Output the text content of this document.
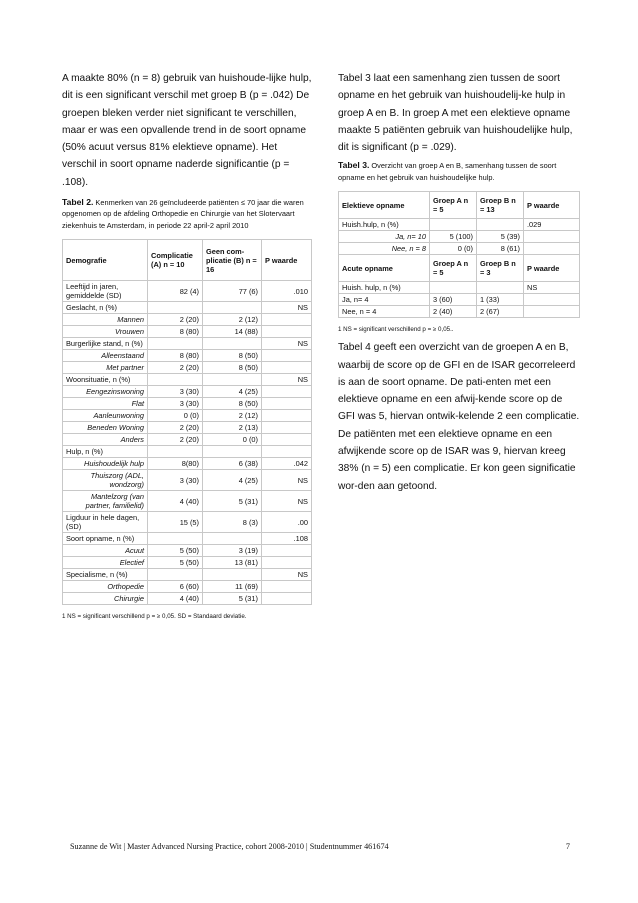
A maakte 80% (n = 8) gebruik van huishoude-lijke hulp, dit is een significant verschil met groep B (p = .042) De groepen bleken verder niet significant te verschillen, maar er was een opvallende trend in de soort opname (50% acuut versus 81% elektieve opname). Het verschil in soort opname naderde significantie (p = .108).

Tabel 2. Kenmerken van 26 geïncludeerde patiënten ≤ 70 jaar die waren opgenomen op de afdeling Orthopedie en Chirurgie van het Slotervaart ziekenhuis te Amsterdam, in periode 22 april-2 april 2010

Demografie	Complicatie (A) n = 10	Geen com-plicatie (B) n = 16	P waarde
Leeftijd in jaren, gemiddelde (SD)	82 (4)	77 (6)	.010
Geslacht, n (%)			NS
Mannen	2 (20)	2 (12)	
Vrouwen	8 (80)	14 (88)	
Burgerlijke stand, n (%)			NS
Alleenstaand	8 (80)	8 (50)	
Met partner	2 (20)	8 (50)	
Woonsituatie, n (%)			NS
Eengezinswoning	3 (30)	4 (25)	
Flat	3 (30)	8 (50)	
Aanleunwoning	0 (0)	2 (12)	
Beneden Woning	2 (20)	2 (13)	
Anders	2 (20)	0 (0)	
Hulp, n (%)			
Huishoudelijk hulp	8(80)	6 (38)	.042
Thuiszorg (ADL, wondzorg)	3 (30)	4 (25)	NS
Mantelzorg (van partner, familielid)	4 (40)	5 (31)	NS
Ligduur in hele dagen, (SD)	15 (5)	8 (3)	.00
Soort opname, n (%)			.108
Acuut	5 (50)	3 (19)	
Electief	5 (50)	13 (81)	
Specialisme, n (%)			NS
Orthopedie	6 (60)	11 (69)	
Chirurgie	4 (40)	5 (31)	

1 NS = significant verschillend p = ≥ 0,05. SD = Standaard deviatie.

Tabel 3 laat een samenhang zien tussen de soort opname en het gebruik van huishoudelij-ke hulp in groep A en B. In groep A met een elektieve opname maakte 5 patiënten gebruik van huishoudelijke hulp, dit is significant (p = .029).

Tabel 3. Overzicht van groep A en B, samenhang tussen de soort opname en het gebruik van huishoudelijke hulp.

Elektieve opname	Groep A n = 5	Groep B n = 13	P waarde
Huish.hulp, n (%)			.029
Ja, n= 10	5 (100)	5 (39)	
Nee, n = 8	0 (0)	8 (61)	
Acute opname	Groep A n = 5	Groep B n = 3	P waarde
Huish. hulp, n (%)			NS
Ja, n= 4	3 (60)	1 (33)	
Nee, n = 4	2 (40)	2 (67)	

1 NS = significant verschillend p = ≥ 0,05..

Tabel 4 geeft een overzicht van de groepen A en B, waarbij de score op de GFI en de ISAR gecorreleerd is aan de soort opname. De pati-enten met een elektieve opname en een afwij-kende score op de GFI was 5, hiervan ontwik-kelende 2 een complicatie. De patiënten met een elektieve opname en een afwijkende score op de ISAR was 9, hiervan kreeg 38% (n = 5) een complicatie. Er kon geen significatie wor-den aan getoond.

Suzanne de Wit | Master Advanced Nursing Practice, cohort 2008-2010 | Studentnummer 461674	7
